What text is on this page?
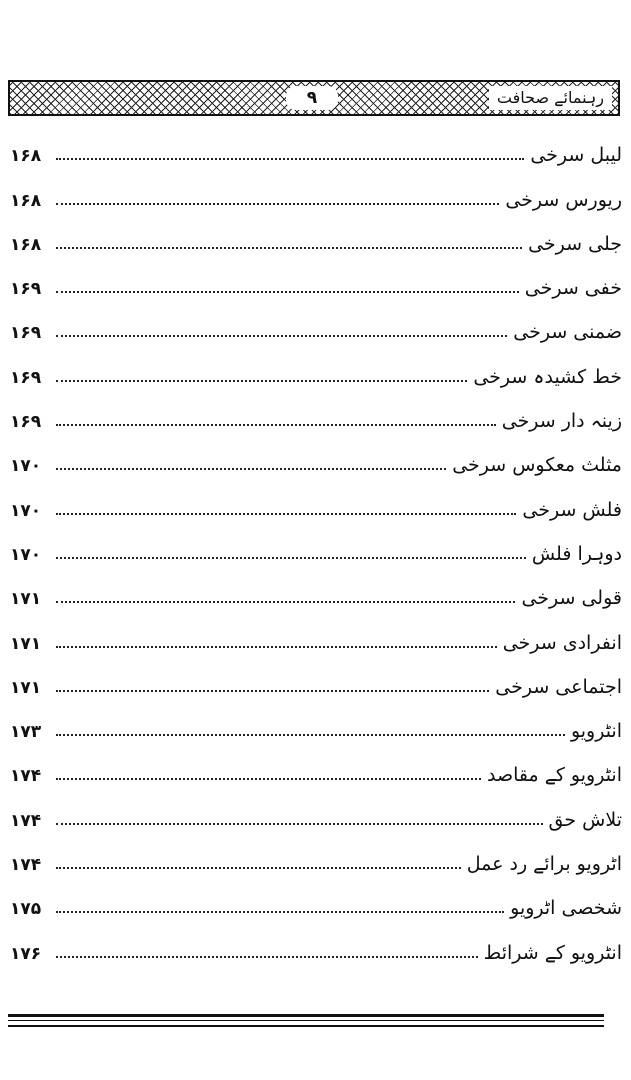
رہنمائے صحافت
۹
لیبل سرخی
۱۶۸
ریورس سرخی
۱۶۸
جلی سرخی
۱۶۸
خفی سرخی
۱۶۹
ضمنی سرخی
۱۶۹
خط کشیدہ سرخی
۱۶۹
زینہ دار سرخی
۱۶۹
مثلث معکوس سرخی
۱۷۰
فلش سرخی
۱۷۰
دوہرا فلش
۱۷۰
قولی سرخی
۱۷۱
انفرادی سرخی
۱۷۱
اجتماعی سرخی
۱۷۱
انٹرویو
۱۷۳
انٹرویو کے مقاصد
۱۷۴
تلاش حق
۱۷۴
اٹرویو برائے رد عمل
۱۷۴
شخصی اٹرویو
۱۷۵
انٹرویو کے شرائط
۱۷۶
